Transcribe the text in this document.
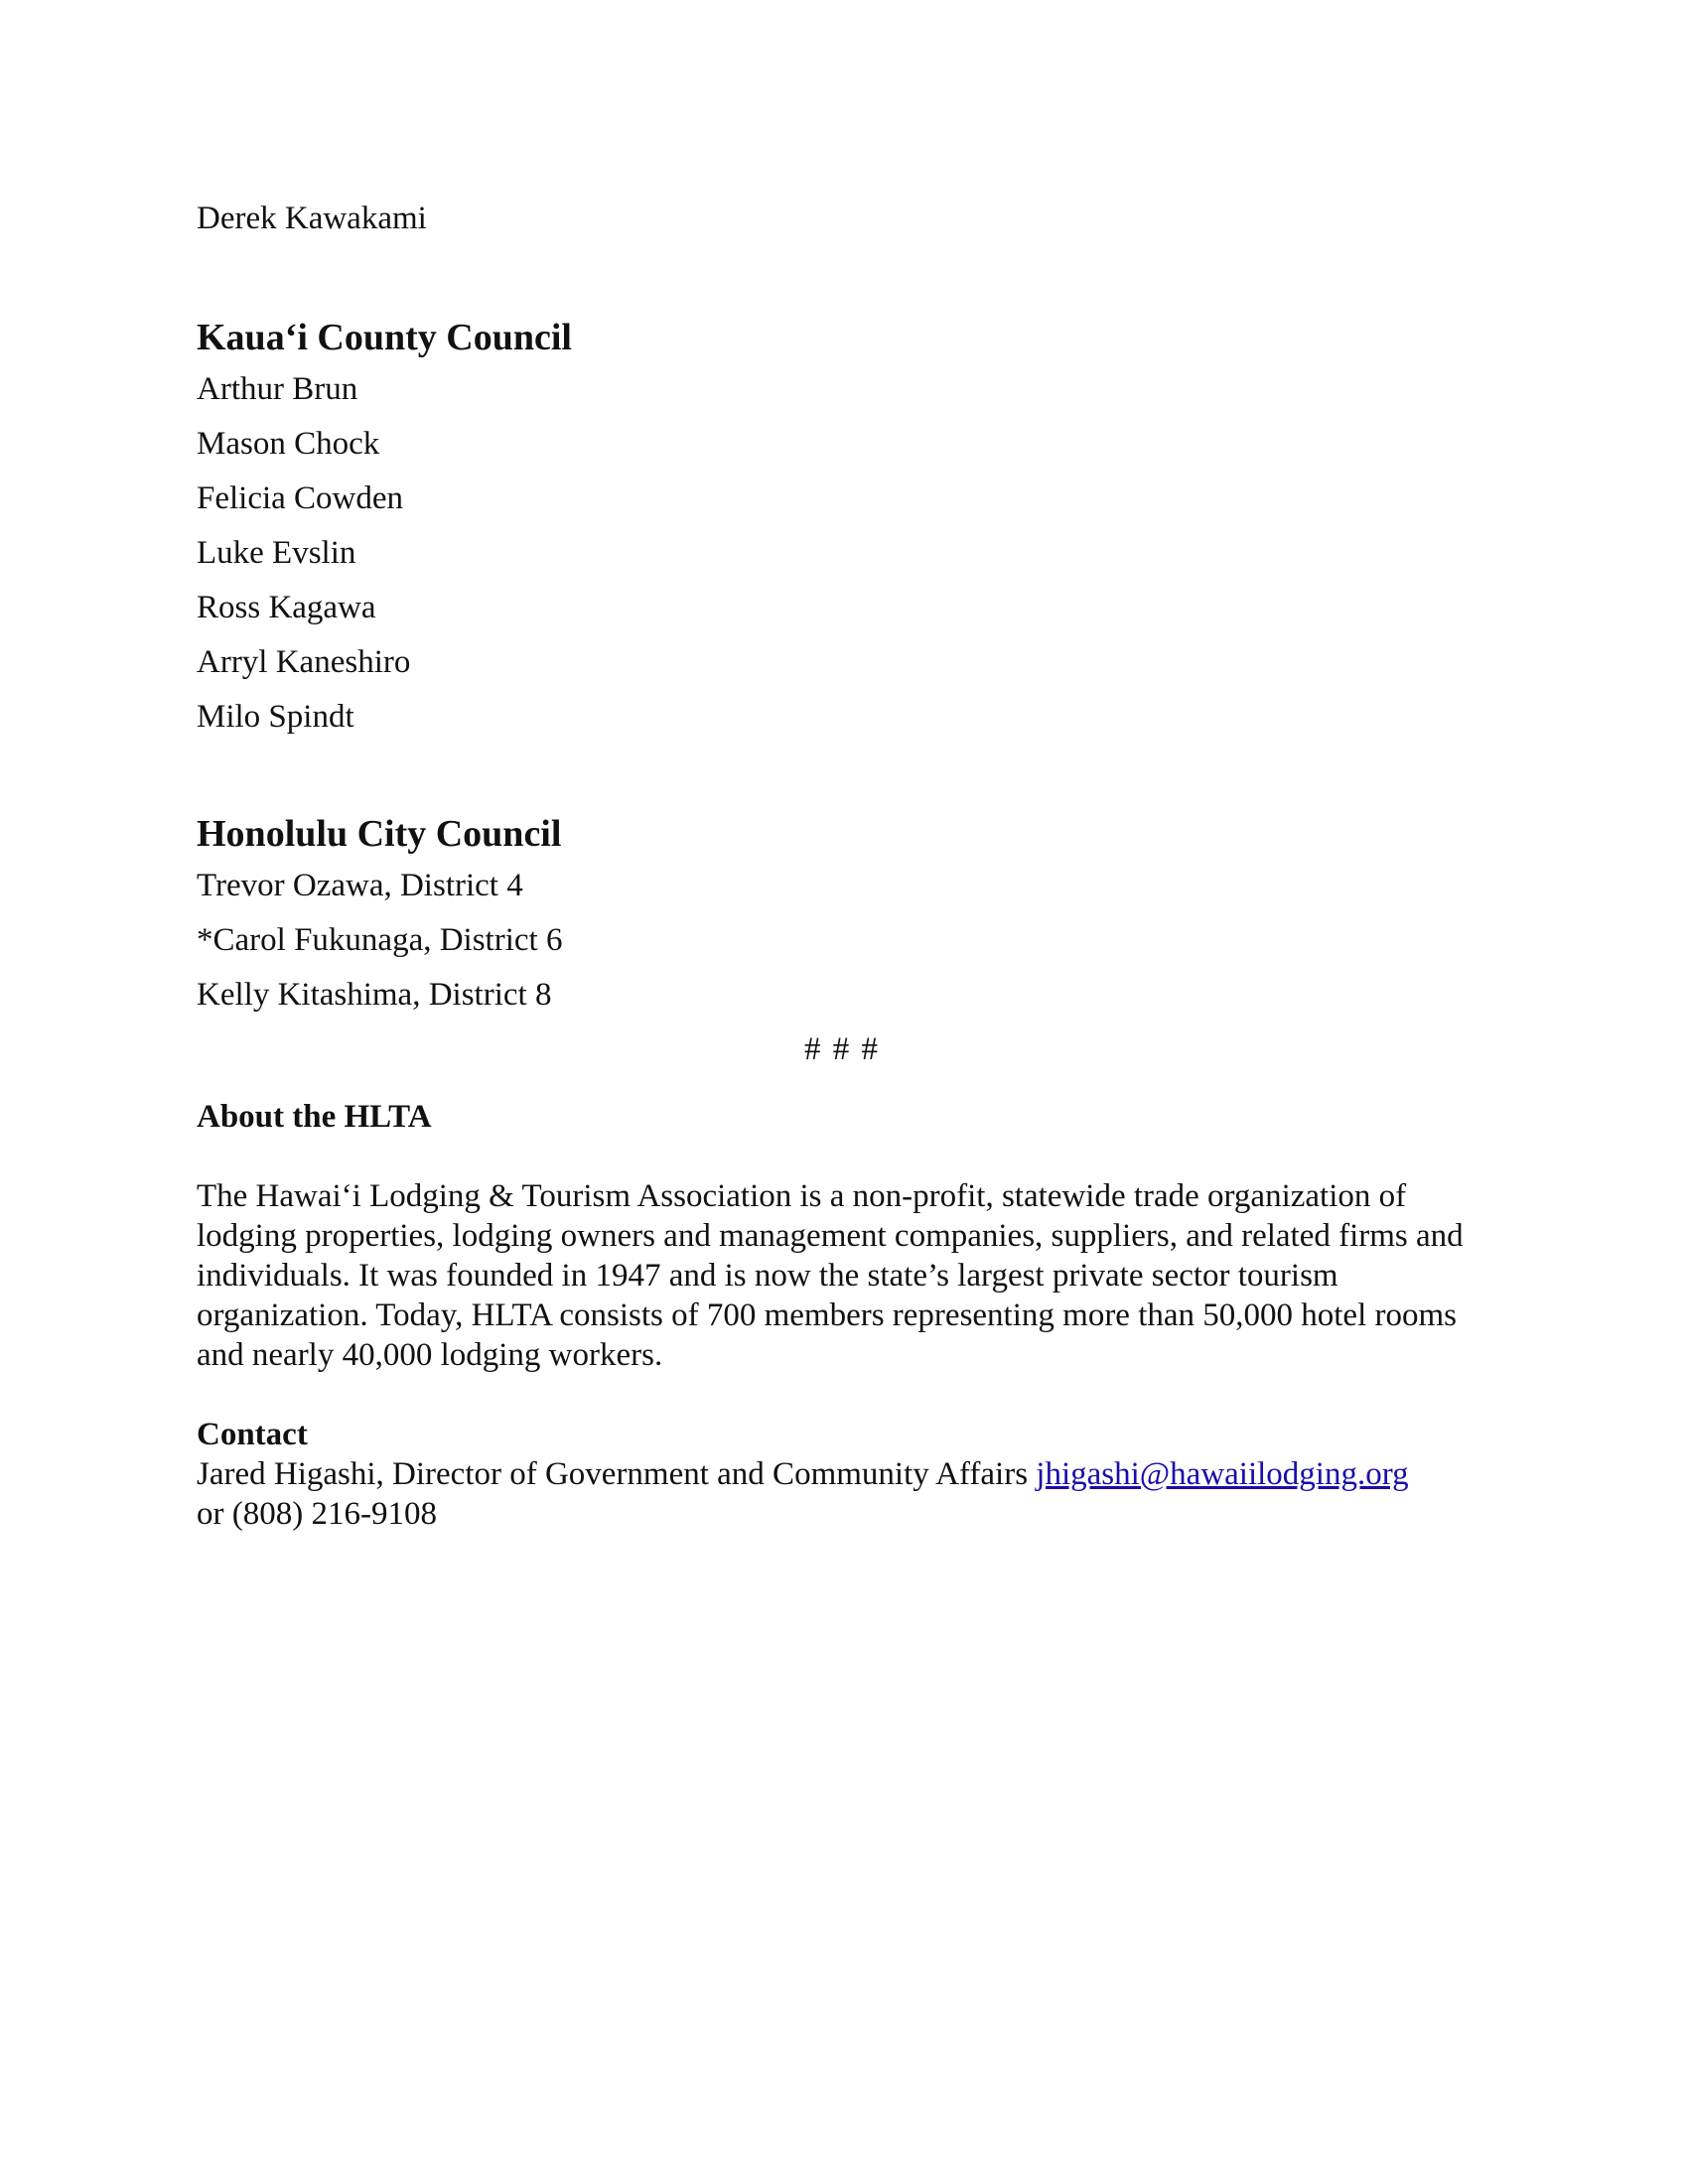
Derek Kawakami
Kauaʻi County Council
Arthur Brun
Mason Chock
Felicia Cowden
Luke Evslin
Ross Kagawa
Arryl Kaneshiro
Milo Spindt
Honolulu City Council
Trevor Ozawa, District 4
*Carol Fukunaga, District 6
Kelly Kitashima, District 8
# # #
About the HLTA

The Hawaiʻi Lodging & Tourism Association is a non-profit, statewide trade organization of lodging properties, lodging owners and management companies, suppliers, and related firms and individuals. It was founded in 1947 and is now the state’s largest private sector tourism organization. Today, HLTA consists of 700 members representing more than 50,000 hotel rooms and nearly 40,000 lodging workers.

Contact

Jared Higashi, Director of Government and Community Affairs jhigashi@hawaiilodging.org
or (808) 216-9108
